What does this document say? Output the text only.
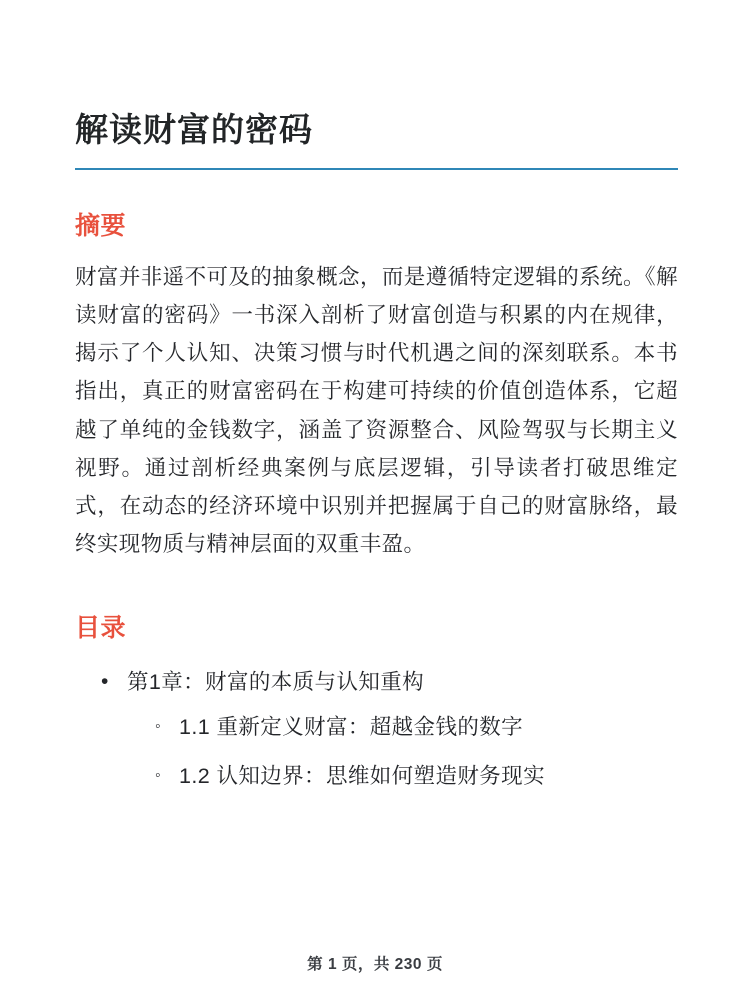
解读财富的密码
摘要

财富并非遥不可及的抽象概念，而是遵循特定逻辑的系统。《解读财富的密码》一书深入剖析了财富创造与积累的内在规律，揭示了个人认知、决策习惯与时代机遇之间的深刻联系。本书指出，真正的财富密码在于构建可持续的价值创造体系，它超越了单纯的金钱数字，涵盖了资源整合、风险驾驭与长期主义视野。通过剖析经典案例与底层逻辑，引导读者打破思维定式，在动态的经济环境中识别并把握属于自己的财富脉络，最终实现物质与精神层面的双重丰盈。

目录
• 第1章：财富的本质与认知重构
◦ 1.1 重新定义财富：超越金钱的数字
◦ 1.2 认知边界：思维如何塑造财务现实
第 1 页，共 230 页
